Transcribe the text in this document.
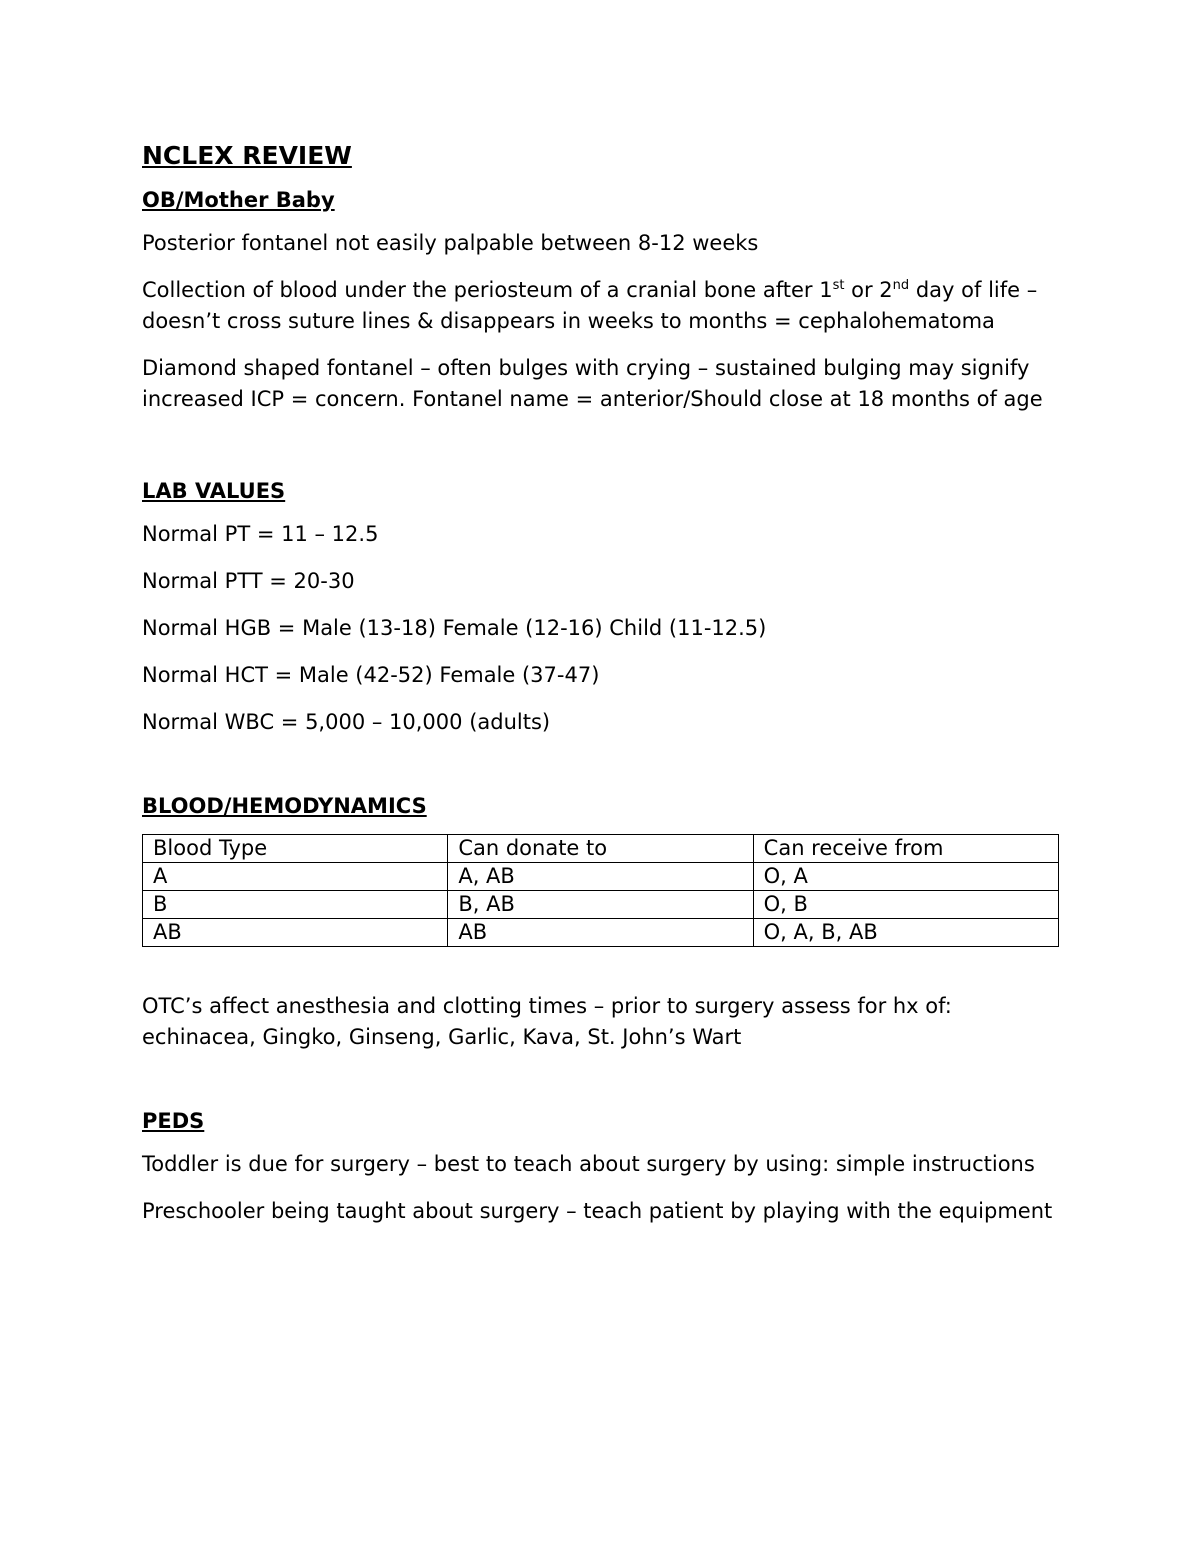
NCLEX REVIEW
OB/Mother Baby
Posterior fontanel not easily palpable between 8-12 weeks
Collection of blood under the periosteum of a cranial bone after 1st or 2nd day of life – doesn’t cross suture lines & disappears in weeks to months = cephalohematoma
Diamond shaped fontanel – often bulges with crying – sustained bulging may signify increased ICP = concern. Fontanel name = anterior/Should close at 18 months of age
LAB VALUES
Normal PT = 11 – 12.5
Normal PTT = 20-30
Normal HGB = Male (13-18) Female (12-16) Child (11-12.5)
Normal HCT = Male (42-52) Female (37-47)
Normal WBC = 5,000 – 10,000 (adults)
BLOOD/HEMODYNAMICS
Blood Type	Can donate to	Can receive from
A	A, AB	O, A
B	B, AB	O, B
AB	AB	O, A, B, AB
OTC’s affect anesthesia and clotting times – prior to surgery assess for hx of: echinacea, Gingko, Ginseng, Garlic, Kava, St. John’s Wart
PEDS
Toddler is due for surgery – best to teach about surgery by using: simple instructions
Preschooler being taught about surgery – teach patient by playing with the equipment
